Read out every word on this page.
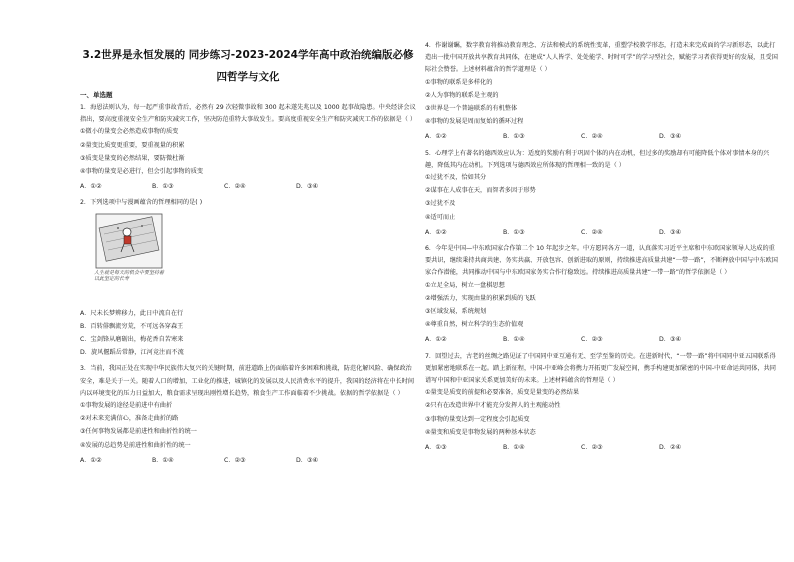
3.2世界是永恒发展的 同步练习-2023-2024学年高中政治统编版必修四哲学与文化
一、单选题

1．海恩法则认为，每一起严重事故背后，必然有 29 次轻微事故和 300 起未遂先兆以及 1000 起事故隐患。中央经济会议指出，要高度重视安全生产和防灾减灾工作，坚决防范重特大事故发生。要高度重视安全生产和防灾减灾工作的依据是（ ）

①微小的量变会必然造成事物的质变

②量变比质变更重要，要重视量的积累

③质变是量变的必然结果，要防微杜渐

④事物的量变是必进行，但会引起事物的质变

A．①②	B．①③	C．②④	D．③④

2．下列选项中与漫画蕴含的哲理相同的是( )

人生就是每天的机会中要坚持着以此坚定的长寿

A．尺未长梦辨移力，此日中流自在行

B．百转俳飘流穷荒，不可远各穿森王

C．宝剑锋从磨砺出，梅花香自苦寒来

D．旋风偃蹈岳常静，江河竞注而不流

3．当前，我国正处在实现中华民族伟大复兴的关键时期，前进道路上仍面临着许多困难和挑战，防范化解风险、确保政治安全，难是关于一关。随着人口的增加，工业化的推进，城镇化的发展以及人民消费水平的提升，我国的经济将在中长时间内以环境变化的压力日益加大，粮食需求呈现出刚性增长趋势，粮食生产工作面临着不少挑战。依据的哲学依据是（ ）

①事物发展的途径是前进中有曲折

②对未来充满信心，准备走曲折的路

③任何事物发展都是前进性和曲折性的统一

④发展的总趋势是前进性和曲折性的统一

A．①②	B．①④	C．②③	D．③④

4．作谢谢瞩，数字教育将推动教育理念、方法和模式的系统性变革，重塑学校教学形态，打造未来完成面的学习新形态，以此打造出一批中国开放共享教育共同体，在建成“人人皆学、处处能学、时时可学”的学习型社会，赋能学习者获得更好的发展，且受国际社会赞誉。上述材料蕴含的哲学道理是（ ）

①事物的联系是多样化的

②人为事物的联系是主观的

③世界是一个普遍联系的有机整体

④事物的发展是周而复始的循环过程

A．①②	B．①③	C．②④	D．③④

5．心理学上有著名的德西效应认为：适度的奖励有利于巩固个体的内在动机，但过多的奖励却有可能降低个体对事情本身的兴趣，降低其内在动机。下列选项与德西效应所体现的哲理相一致的是（ ）

①过犹不及，恰如其分

②谋事在人成事在天，而智者多因于形势

③过犹不及

④适可而止

A．①②	B．①③	C．②④	D．③④

6．今年是中国—中东欧国家合作第二个 10 年起步之年。中方愿同各方一道，认真落实习近平主席和中东欧国家领导人达成的重要共识，继续秉持共商共建、务实共赢、开放包容、创新进取的原则，持续推进高质量共建“一带一路”，不断释放中国与中东欧国家合作潜能，共同推动中国与中东欧国家务实合作行稳致远。持续推进高质量共建“一带一路”的哲学依据是（ ）

①立足全局，树立一盘棋思想

②增强活力，实现由量的积累到质的飞跃

③区域发展，系统规划

④尊重自然，树立科学的生态价值观

A．①②	B．①④	C．②③	D．③④

7．回望过去，古老的丝绸之路见证了中国同中亚互通有无、至学至鉴的历史。在进新时代，“一带一路”将中国同中亚五国联系得更加紧密地联系在一起。踏上新征程，中国-中亚峰会将携力开拓更广发展空间，携手构建更加紧密的中国-中亚命运共同体，共同谱写中国和中亚国家关系更加美好的未来。上述材料蕴含的哲理是（ ）

①量变是质变的前提和必要准备，质变是量变的必然结果

②只有在改造世界中才能充分发挥人的主观能动性

③事物的量变达到一定程度会引起质变

④量变和质变是事物发展的两种基本状态

A．①③	B．①④	C．②③	D．②④
